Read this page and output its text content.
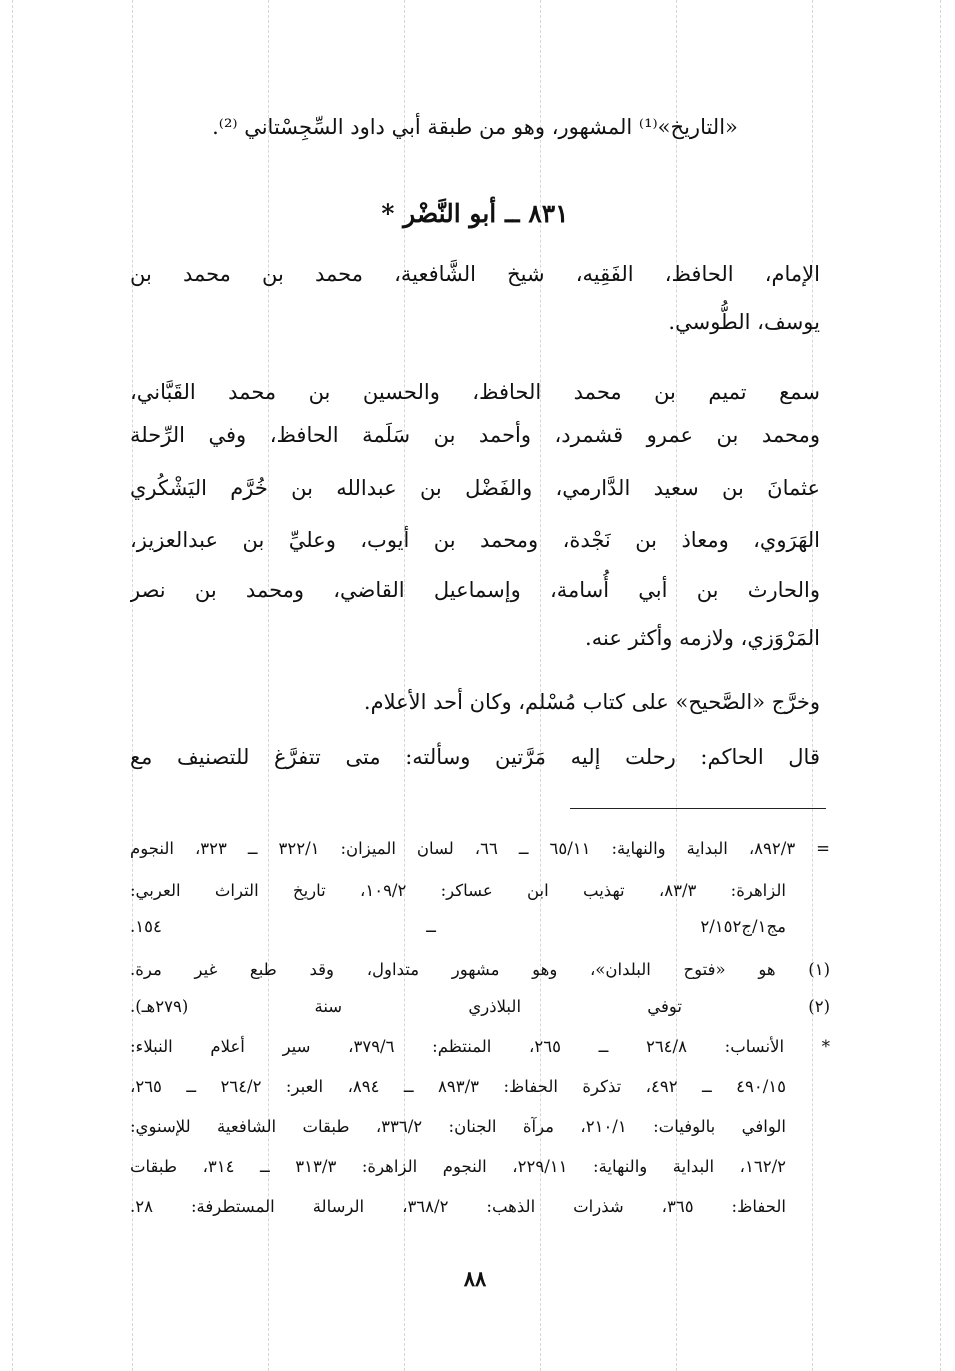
«التاريخ»⁽¹⁾ المشهور، وهو من طبقة أبي داود السِّجِسْتاني ⁽²⁾.
٨٣١ ــ أبو النَّضْر *
الإمام، الحافظ، الفَقِيه، شيخ الشَّافعية، محمد بن محمد بن
يوسف، الطُّوسي.
سمع تميم بن محمد الحافظ، والحسين بن محمد القَبَّاني،
ومحمد بن عمرو قشمرد، وأحمد بن سَلَمة الحافظ، وفي الرِّحلة
عثمانَ بن سعيد الدَّارمي، والفَضْل بن عبدالله بن خُرَّم اليَشْكُري
الهَرَوي، ومعاذ بن نَجْدة، ومحمد بن أيوب، وعليِّ بن عبدالعزيز،
والحارث بن أبي أُسامة، وإسماعيل القاضي، ومحمد بن نصر
المَرْوَزي، ولازمه وأكثر عنه.
وخرَّج «الصَّحيح» على كتاب مُسْلم، وكان أحد الأعلام.
قال الحاكم: رحلت إليه مَرَّتين وسألته: متى تتفرَّغ للتصنيف مع
= ٨٩٢/٣، البداية والنهاية: ٦٥/١١ ــ ٦٦، لسان الميزان: ٣٢٢/١ ــ ٣٢٣، النجوم
الزاهرة: ٨٣/٣، تهذيب ابن عساكر: ١٠٩/٢، تاريخ التراث العربي:
مج١/ج٢/١٥٢ ــ ١٥٤.
(١) هو «فتوح البلدان»، وهو مشهور متداول، وقد طبع غير مرة.
(٢) توفي البلاذري سنة (٢٧٩هـ).
* الأنساب: ٢٦٤/٨ ــ ٢٦٥، المنتظم: ٣٧٩/٦، سير أعلام النبلاء:
٤٩٠/١٥ ــ ٤٩٢، تذكرة الحفاظ: ٨٩٣/٣ ــ ٨٩٤، العبر: ٢٦٤/٢ ــ ٢٦٥،
الوافي بالوفيات: ٢١٠/١، مرآة الجنان: ٣٣٦/٢، طبقات الشافعية للإسنوي:
١٦٢/٢، البداية والنهاية: ٢٢٩/١١، النجوم الزاهرة: ٣١٣/٣ ــ ٣١٤، طبقات
الحفاظ: ٣٦٥، شذرات الذهب: ٣٦٨/٢، الرسالة المستطرفة: ٢٨.
٨٨
